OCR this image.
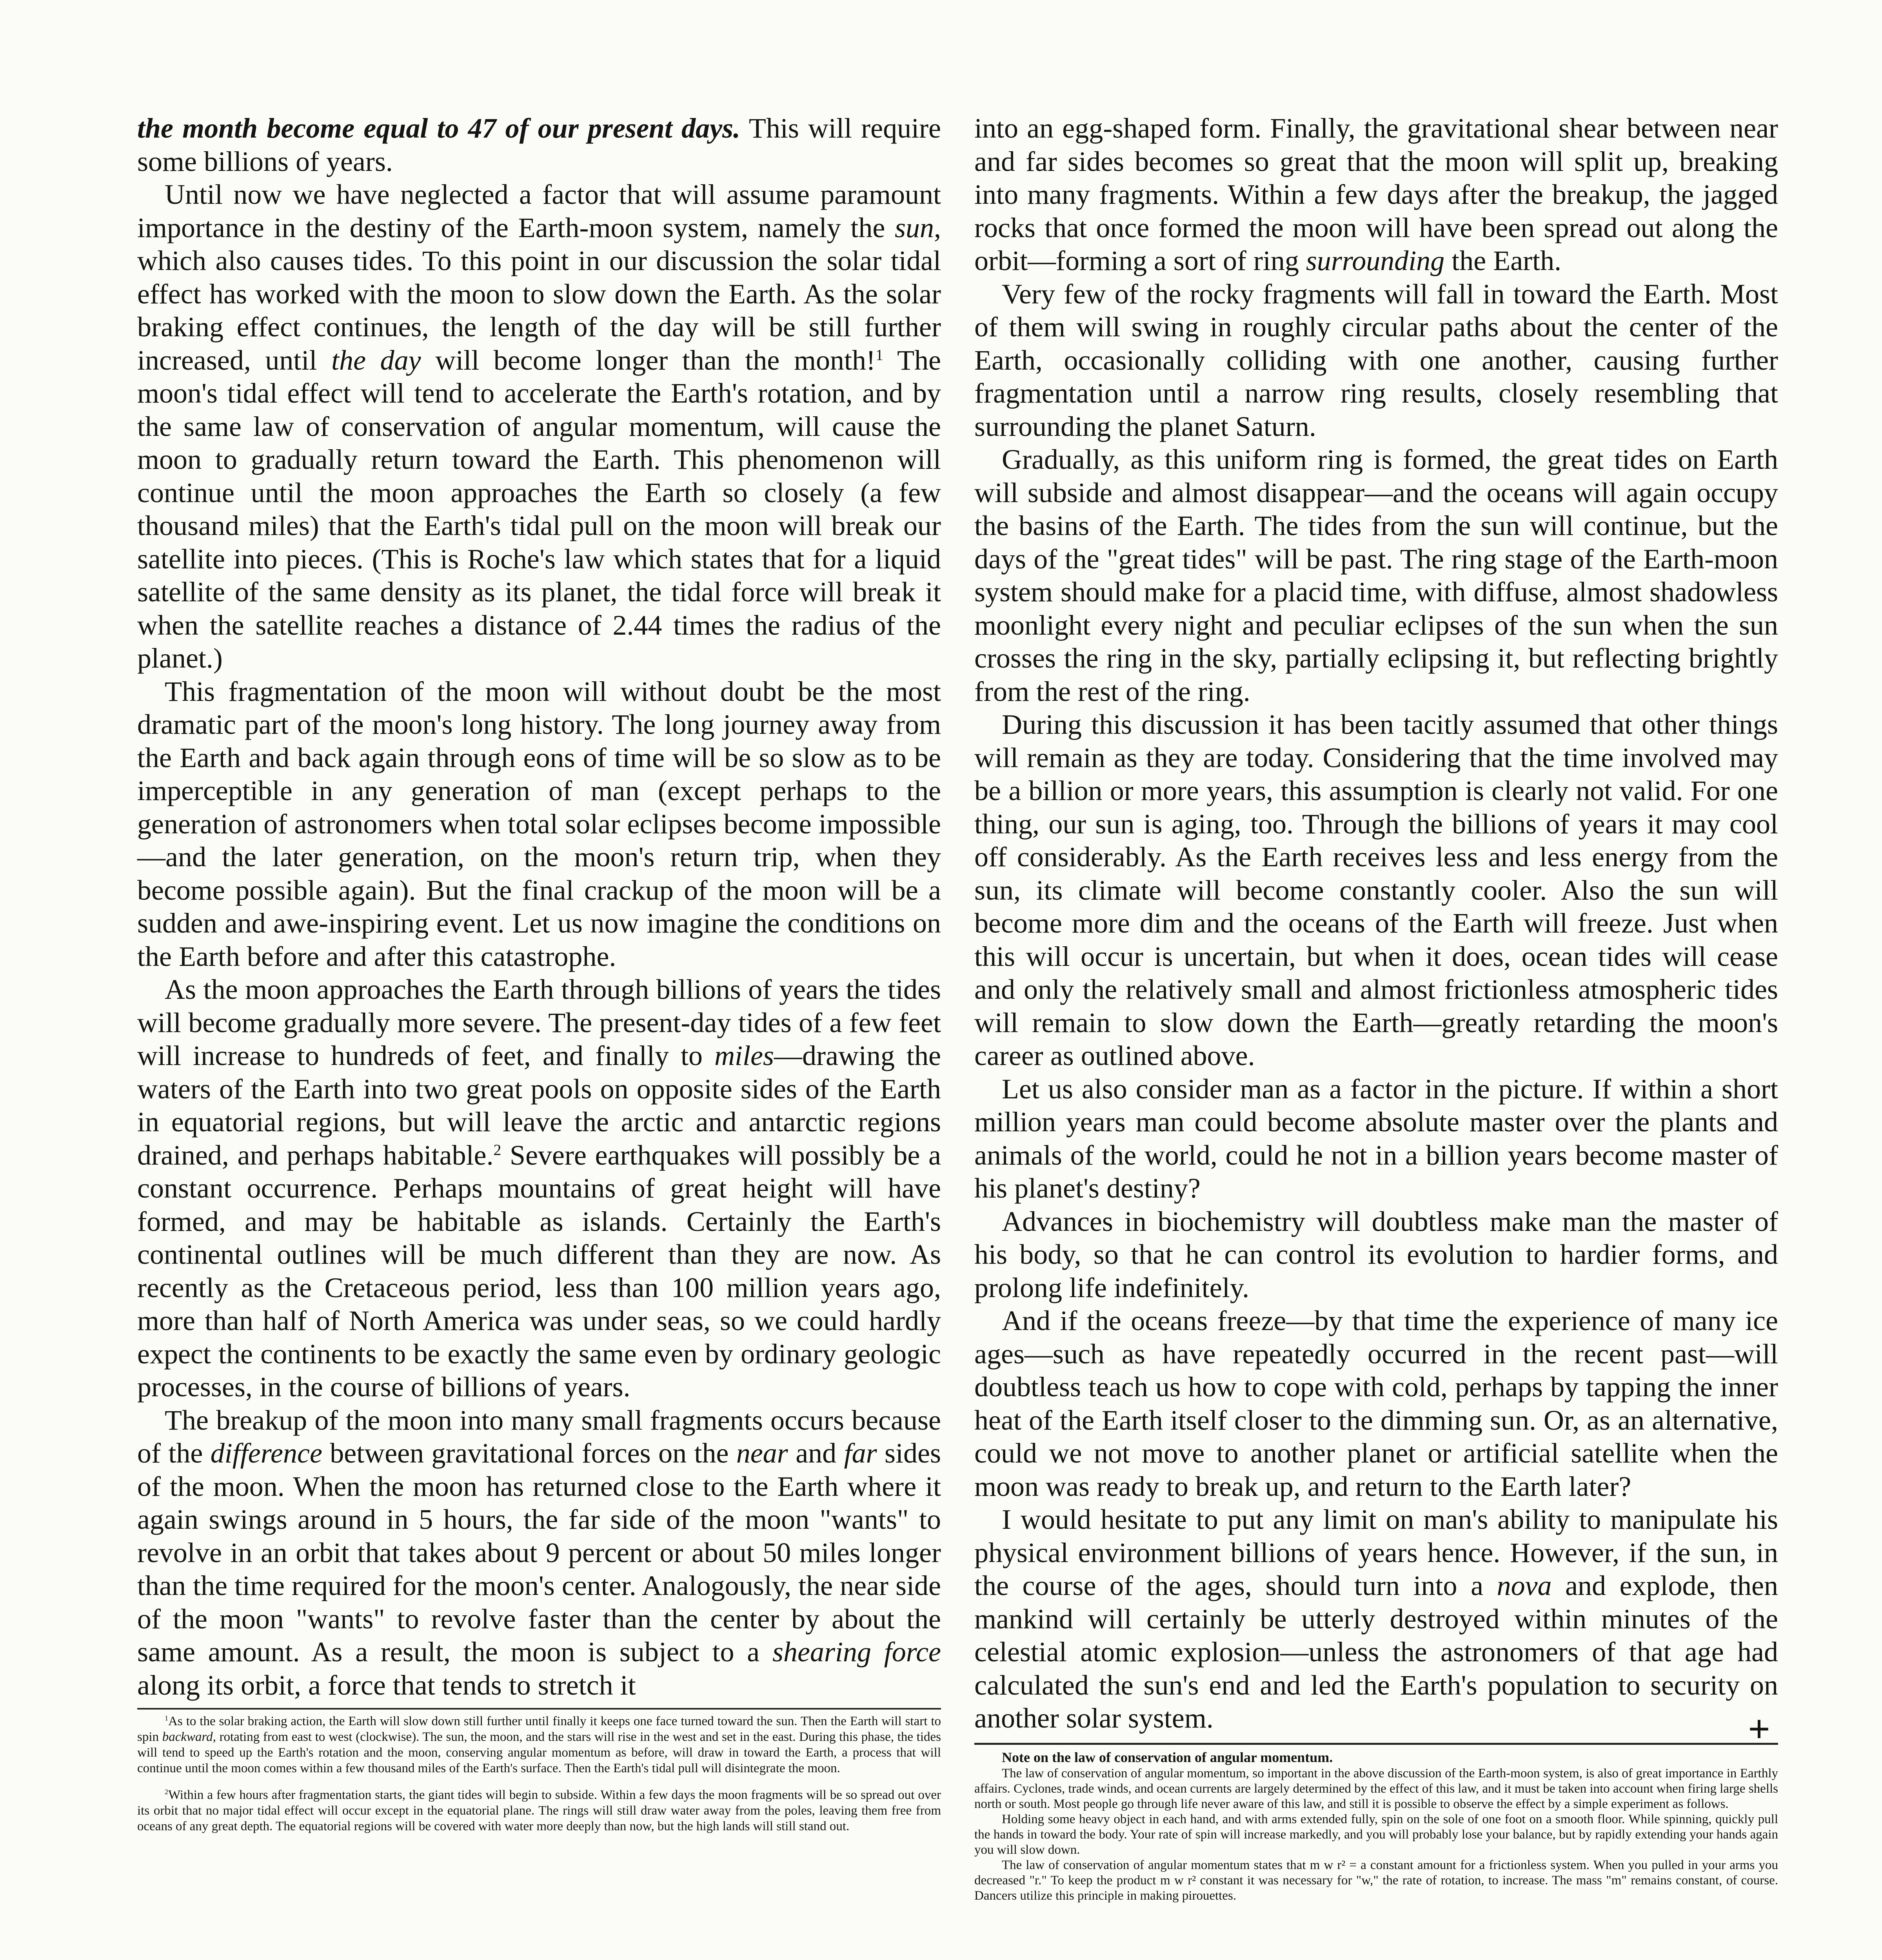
the month become equal to 47 of our present days. This will require some billions of years.

Until now we have neglected a factor that will assume paramount importance in the destiny of the Earth-moon system, namely the sun, which also causes tides. To this point in our discussion the solar tidal effect has worked with the moon to slow down the Earth. As the solar braking effect continues, the length of the day will be still further increased, until the day will become longer than the month!$^1$ The moon's tidal effect will tend to accelerate the Earth's rotation, and by the same law of conservation of angular momentum, will cause the moon to gradually return toward the Earth. This phenomenon will continue until the moon approaches the Earth so closely (a few thousand miles) that the Earth's tidal pull on the moon will break our satellite into pieces. (This is Roche's law which states that for a liquid satellite of the same density as its planet, the tidal force will break it when the satellite reaches a distance of 2.44 times the radius of the planet.)

This fragmentation of the moon will without doubt be the most dramatic part of the moon's long history. The long journey away from the Earth and back again through eons of time will be so slow as to be imperceptible in any generation of man (except perhaps to the generation of astronomers when total solar eclipses become impossible—and the later generation, on the moon's return trip, when they become possible again). But the final crackup of the moon will be a sudden and awe-inspiring event. Let us now imagine the conditions on the Earth before and after this catastrophe.

As the moon approaches the Earth through billions of years the tides will become gradually more severe. The present-day tides of a few feet will increase to hundreds of feet, and finally to miles—drawing the waters of the Earth into two great pools on opposite sides of the Earth in equatorial regions, but will leave the arctic and antarctic regions drained, and perhaps habitable.$^2$ Severe earthquakes will possibly be a constant occurrence. Perhaps mountains of great height will have formed, and may be habitable as islands. Certainly the Earth's continental outlines will be much different than they are now. As recently as the Cretaceous period, less than 100 million years ago, more than half of North America was under seas, so we could hardly expect the continents to be exactly the same even by ordinary geologic processes, in the course of billions of years.

The breakup of the moon into many small fragments occurs because of the difference between gravitational forces on the near and far sides of the moon. When the moon has returned close to the Earth where it again swings around in 5 hours, the far side of the moon "wants" to revolve in an orbit that takes about 9 percent or about 50 miles longer than the time required for the moon's center. Analogously, the near side of the moon "wants" to revolve faster than the center by about the same amount. As a result, the moon is subject to a shearing force along its orbit, a force that tends to stretch it

$^1$As to the solar braking action, the Earth will slow down still further until finally it keeps one face turned toward the sun. Then the Earth will start to spin backward, rotating from east to west (clockwise). The sun, the moon, and the stars will rise in the west and set in the east. During this phase, the tides will tend to speed up the Earth's rotation and the moon, conserving angular momentum as before, will draw in toward the Earth, a process that will continue until the moon comes within a few thousand miles of the Earth's surface. Then the Earth's tidal pull will disintegrate the moon.

$^2$Within a few hours after fragmentation starts, the giant tides will begin to subside. Within a few days the moon fragments will be so spread out over its orbit that no major tidal effect will occur except in the equatorial plane. The rings will still draw water away from the poles, leaving them free from oceans of any great depth. The equatorial regions will be covered with water more deeply than now, but the high lands will still stand out.

into an egg-shaped form. Finally, the gravitational shear between near and far sides becomes so great that the moon will split up, breaking into many fragments. Within a few days after the breakup, the jagged rocks that once formed the moon will have been spread out along the orbit—forming a sort of ring surrounding the Earth.

Very few of the rocky fragments will fall in toward the Earth. Most of them will swing in roughly circular paths about the center of the Earth, occasionally colliding with one another, causing further fragmentation until a narrow ring results, closely resembling that surrounding the planet Saturn.

Gradually, as this uniform ring is formed, the great tides on Earth will subside and almost disappear—and the oceans will again occupy the basins of the Earth. The tides from the sun will continue, but the days of the "great tides" will be past. The ring stage of the Earth-moon system should make for a placid time, with diffuse, almost shadowless moonlight every night and peculiar eclipses of the sun when the sun crosses the ring in the sky, partially eclipsing it, but reflecting brightly from the rest of the ring.

During this discussion it has been tacitly assumed that other things will remain as they are today. Considering that the time involved may be a billion or more years, this assumption is clearly not valid. For one thing, our sun is aging, too. Through the billions of years it may cool off considerably. As the Earth receives less and less energy from the sun, its climate will become constantly cooler. Also the sun will become more dim and the oceans of the Earth will freeze. Just when this will occur is uncertain, but when it does, ocean tides will cease and only the relatively small and almost frictionless atmospheric tides will remain to slow down the Earth—greatly retarding the moon's career as outlined above.

Let us also consider man as a factor in the picture. If within a short million years man could become absolute master over the plants and animals of the world, could he not in a billion years become master of his planet's destiny?

Advances in biochemistry will doubtless make man the master of his body, so that he can control its evolution to hardier forms, and prolong life indefinitely.

And if the oceans freeze—by that time the experience of many ice ages—such as have repeatedly occurred in the recent past—will doubtless teach us how to cope with cold, perhaps by tapping the inner heat of the Earth itself closer to the dimming sun. Or, as an alternative, could we not move to another planet or artificial satellite when the moon was ready to break up, and return to the Earth later?

I would hesitate to put any limit on man's ability to manipulate his physical environment billions of years hence. However, if the sun, in the course of the ages, should turn into a nova and explode, then mankind will certainly be utterly destroyed within minutes of the celestial atomic explosion—unless the astronomers of that age had calculated the sun's end and led the Earth's population to security on another solar system.	+

Note on the law of conservation of angular momentum.

The law of conservation of angular momentum, so important in the above discussion of the Earth-moon system, is also of great importance in Earthly affairs. Cyclones, trade winds, and ocean currents are largely determined by the effect of this law, and it must be taken into account when firing large shells north or south. Most people go through life never aware of this law, and still it is possible to observe the effect by a simple experiment as follows.

Holding some heavy object in each hand, and with arms extended fully, spin on the sole of one foot on a smooth floor. While spinning, quickly pull the hands in toward the body. Your rate of spin will increase markedly, and you will probably lose your balance, but by rapidly extending your hands again you will slow down.

The law of conservation of angular momentum states that m w r² = a constant amount for a frictionless system. When you pulled in your arms you decreased "r." To keep the product m w r² constant it was necessary for "w," the rate of rotation, to increase. The mass "m" remains constant, of course. Dancers utilize this principle in making pirouettes.
